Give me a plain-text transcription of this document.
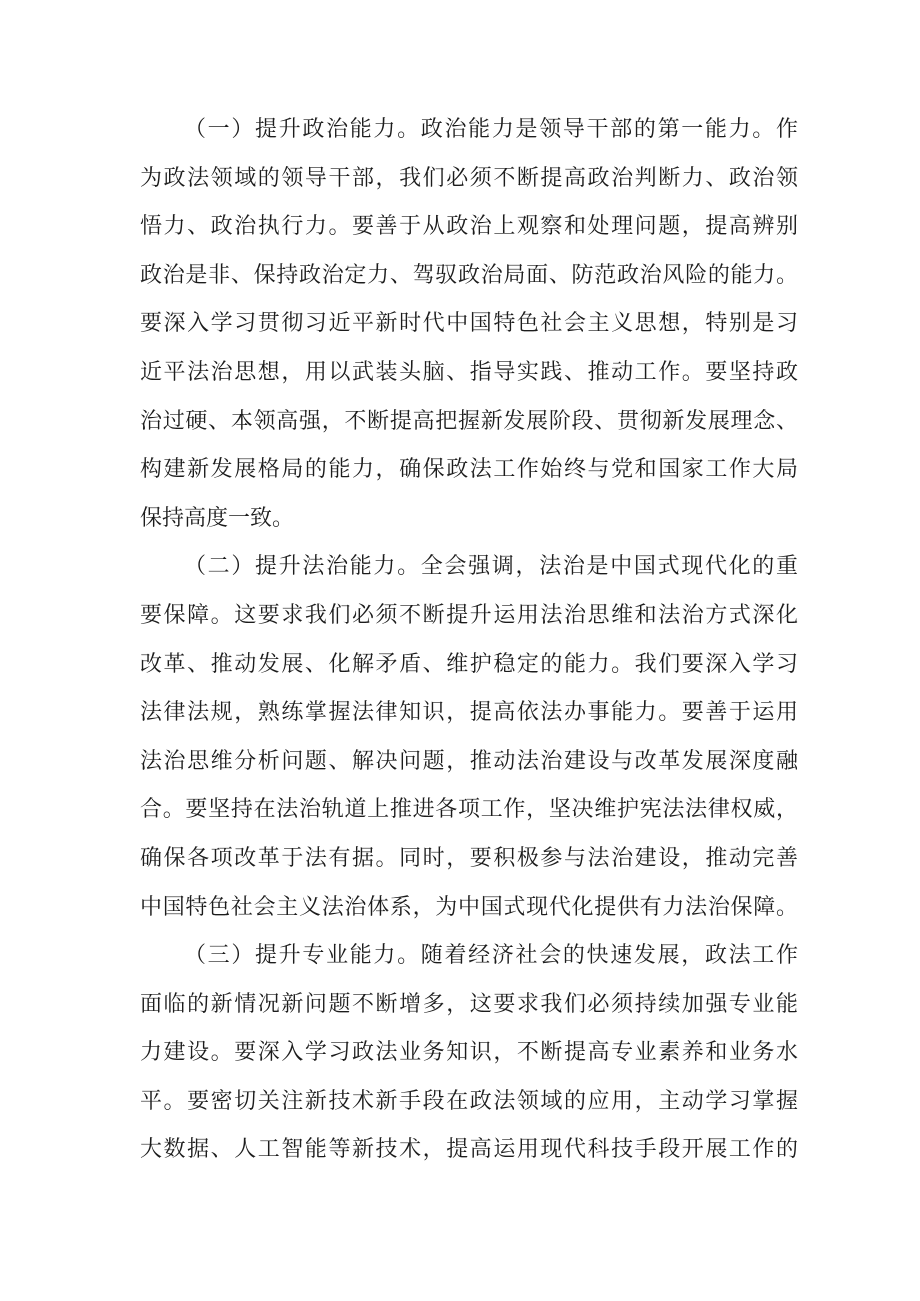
（一）提升政治能力。政治能力是领导干部的第一能力。作
为政法领域的领导干部，我们必须不断提高政治判断力、政治领
悟力、政治执行力。要善于从政治上观察和处理问题，提高辨别
政治是非、保持政治定力、驾驭政治局面、防范政治风险的能力。
要深入学习贯彻习近平新时代中国特色社会主义思想，特别是习
近平法治思想，用以武装头脑、指导实践、推动工作。要坚持政
治过硬、本领高强，不断提高把握新发展阶段、贯彻新发展理念、
构建新发展格局的能力，确保政法工作始终与党和国家工作大局
保持高度一致。
（二）提升法治能力。全会强调，法治是中国式现代化的重
要保障。这要求我们必须不断提升运用法治思维和法治方式深化
改革、推动发展、化解矛盾、维护稳定的能力。我们要深入学习
法律法规，熟练掌握法律知识，提高依法办事能力。要善于运用
法治思维分析问题、解决问题，推动法治建设与改革发展深度融
合。要坚持在法治轨道上推进各项工作，坚决维护宪法法律权威，
确保各项改革于法有据。同时，要积极参与法治建设，推动完善
中国特色社会主义法治体系，为中国式现代化提供有力法治保障。
（三）提升专业能力。随着经济社会的快速发展，政法工作
面临的新情况新问题不断增多，这要求我们必须持续加强专业能
力建设。要深入学习政法业务知识，不断提高专业素养和业务水
平。要密切关注新技术新手段在政法领域的应用，主动学习掌握
大数据、人工智能等新技术，提高运用现代科技手段开展工作的
